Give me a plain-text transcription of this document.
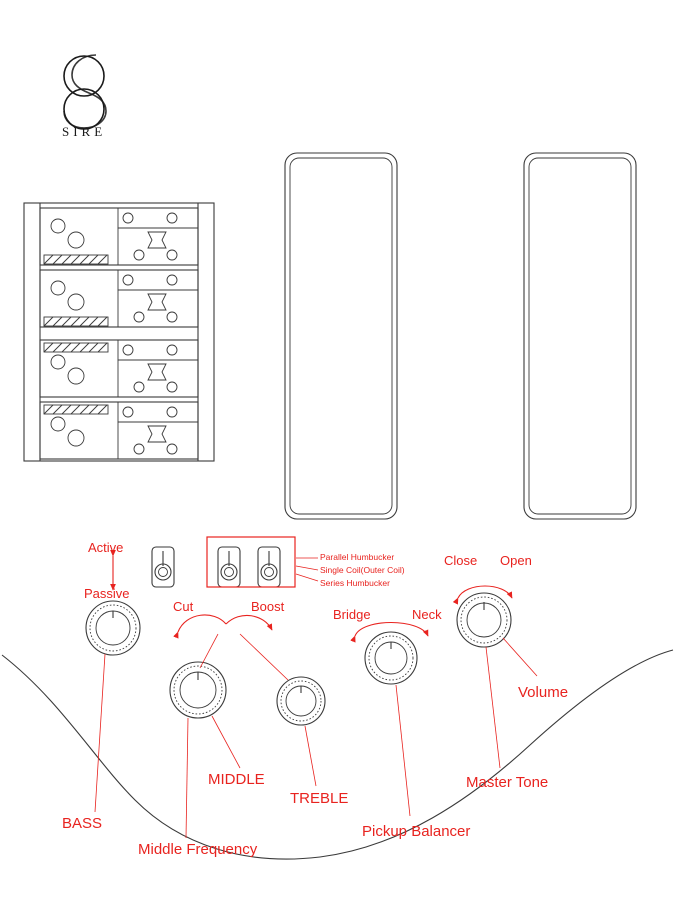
SIRE
Active
Passive
Parallel Humbucker
Single Coil(Outer Coil)
Series Humbucker
Cut	Boost
Bridge	Neck
Close Open
BASS
MIDDLE
Middle Frequency
TREBLE
Pickup Balancer
Master Tone
Volume
